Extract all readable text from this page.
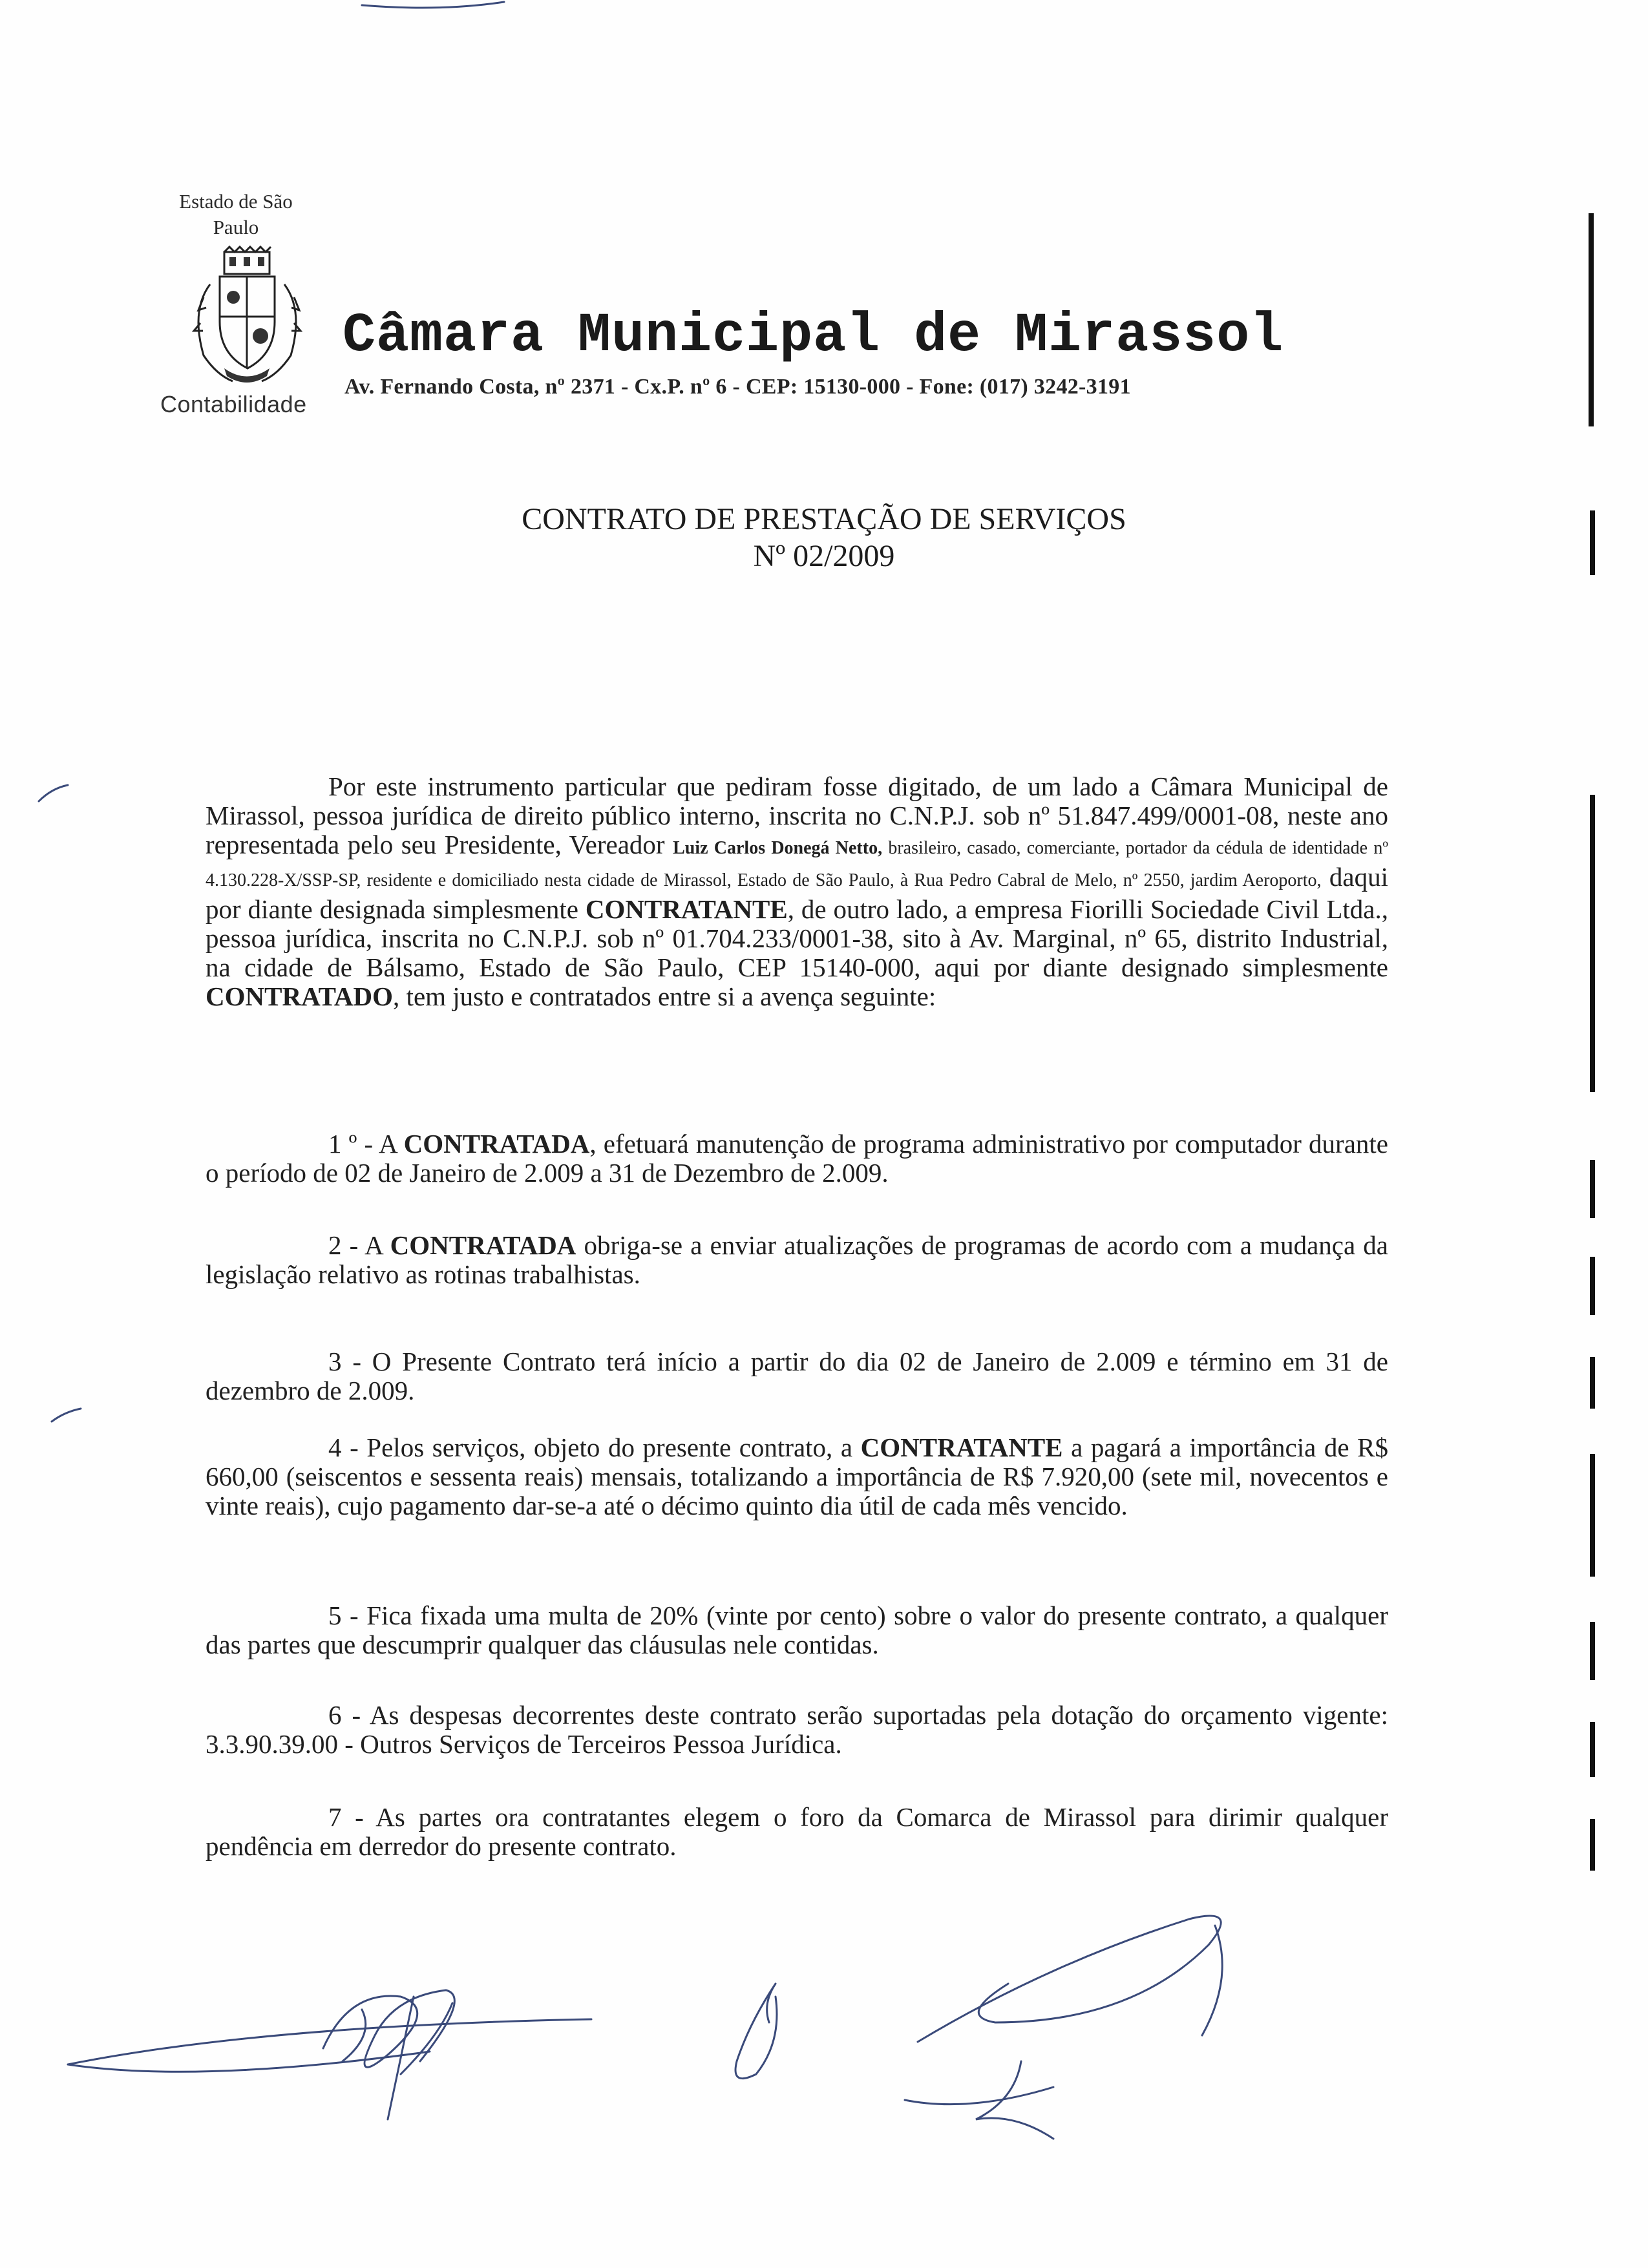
Estado de São Paulo
Contabilidade
Câmara Municipal de Mirassol
Av. Fernando Costa, nº 2371 - Cx.P. nº 6 - CEP: 15130-000 - Fone: (017) 3242-3191
CONTRATO DE PRESTAÇÃO DE SERVIÇOS
Nº 02/2009
Por este instrumento particular que pediram fosse digitado, de um lado a Câmara Municipal de Mirassol, pessoa jurídica de direito público interno, inscrita no C.N.P.J. sob nº 51.847.499/0001-08, neste ano representada pelo seu Presidente, Vereador Luiz Carlos Donegá Netto, brasileiro, casado, comerciante, portador da cédula de identidade nº 4.130.228-X/SSP-SP, residente e domiciliado nesta cidade de Mirassol, Estado de São Paulo, à Rua Pedro Cabral de Melo, nº 2550, jardim Aeroporto, daqui por diante designada simplesmente CONTRATANTE, de outro lado, a empresa Fiorilli Sociedade Civil Ltda., pessoa jurídica, inscrita no C.N.P.J. sob nº 01.704.233/0001-38, sito à Av. Marginal, nº 65, distrito Industrial, na cidade de Bálsamo, Estado de São Paulo, CEP 15140-000, aqui por diante designado simplesmente CONTRATADO, tem justo e contratados entre si a avença seguinte:
1 º - A CONTRATADA, efetuará manutenção de programa administrativo por computador durante o período de 02 de Janeiro de 2.009 a 31 de Dezembro de 2.009.
2 - A CONTRATADA obriga-se a enviar atualizações de programas de acordo com a mudança da legislação relativo as rotinas trabalhistas.
3 - O Presente Contrato terá início a partir do dia 02 de Janeiro de 2.009 e término em 31 de dezembro de 2.009.
4 - Pelos serviços, objeto do presente contrato, a CONTRATANTE a pagará a importância de R$ 660,00 (seiscentos e sessenta reais) mensais, totalizando a importância de R$ 7.920,00 (sete mil, novecentos e vinte reais), cujo pagamento dar-se-a até o décimo quinto dia útil de cada mês vencido.
5 - Fica fixada uma multa de 20% (vinte por cento) sobre o valor do presente contrato, a qualquer das partes que descumprir qualquer das cláusulas nele contidas.
6 - As despesas decorrentes deste contrato serão suportadas pela dotação do orçamento vigente: 3.3.90.39.00 - Outros Serviços de Terceiros Pessoa Jurídica.
7 - As partes ora contratantes elegem o foro da Comarca de Mirassol para dirimir qualquer pendência em derredor do presente contrato.
